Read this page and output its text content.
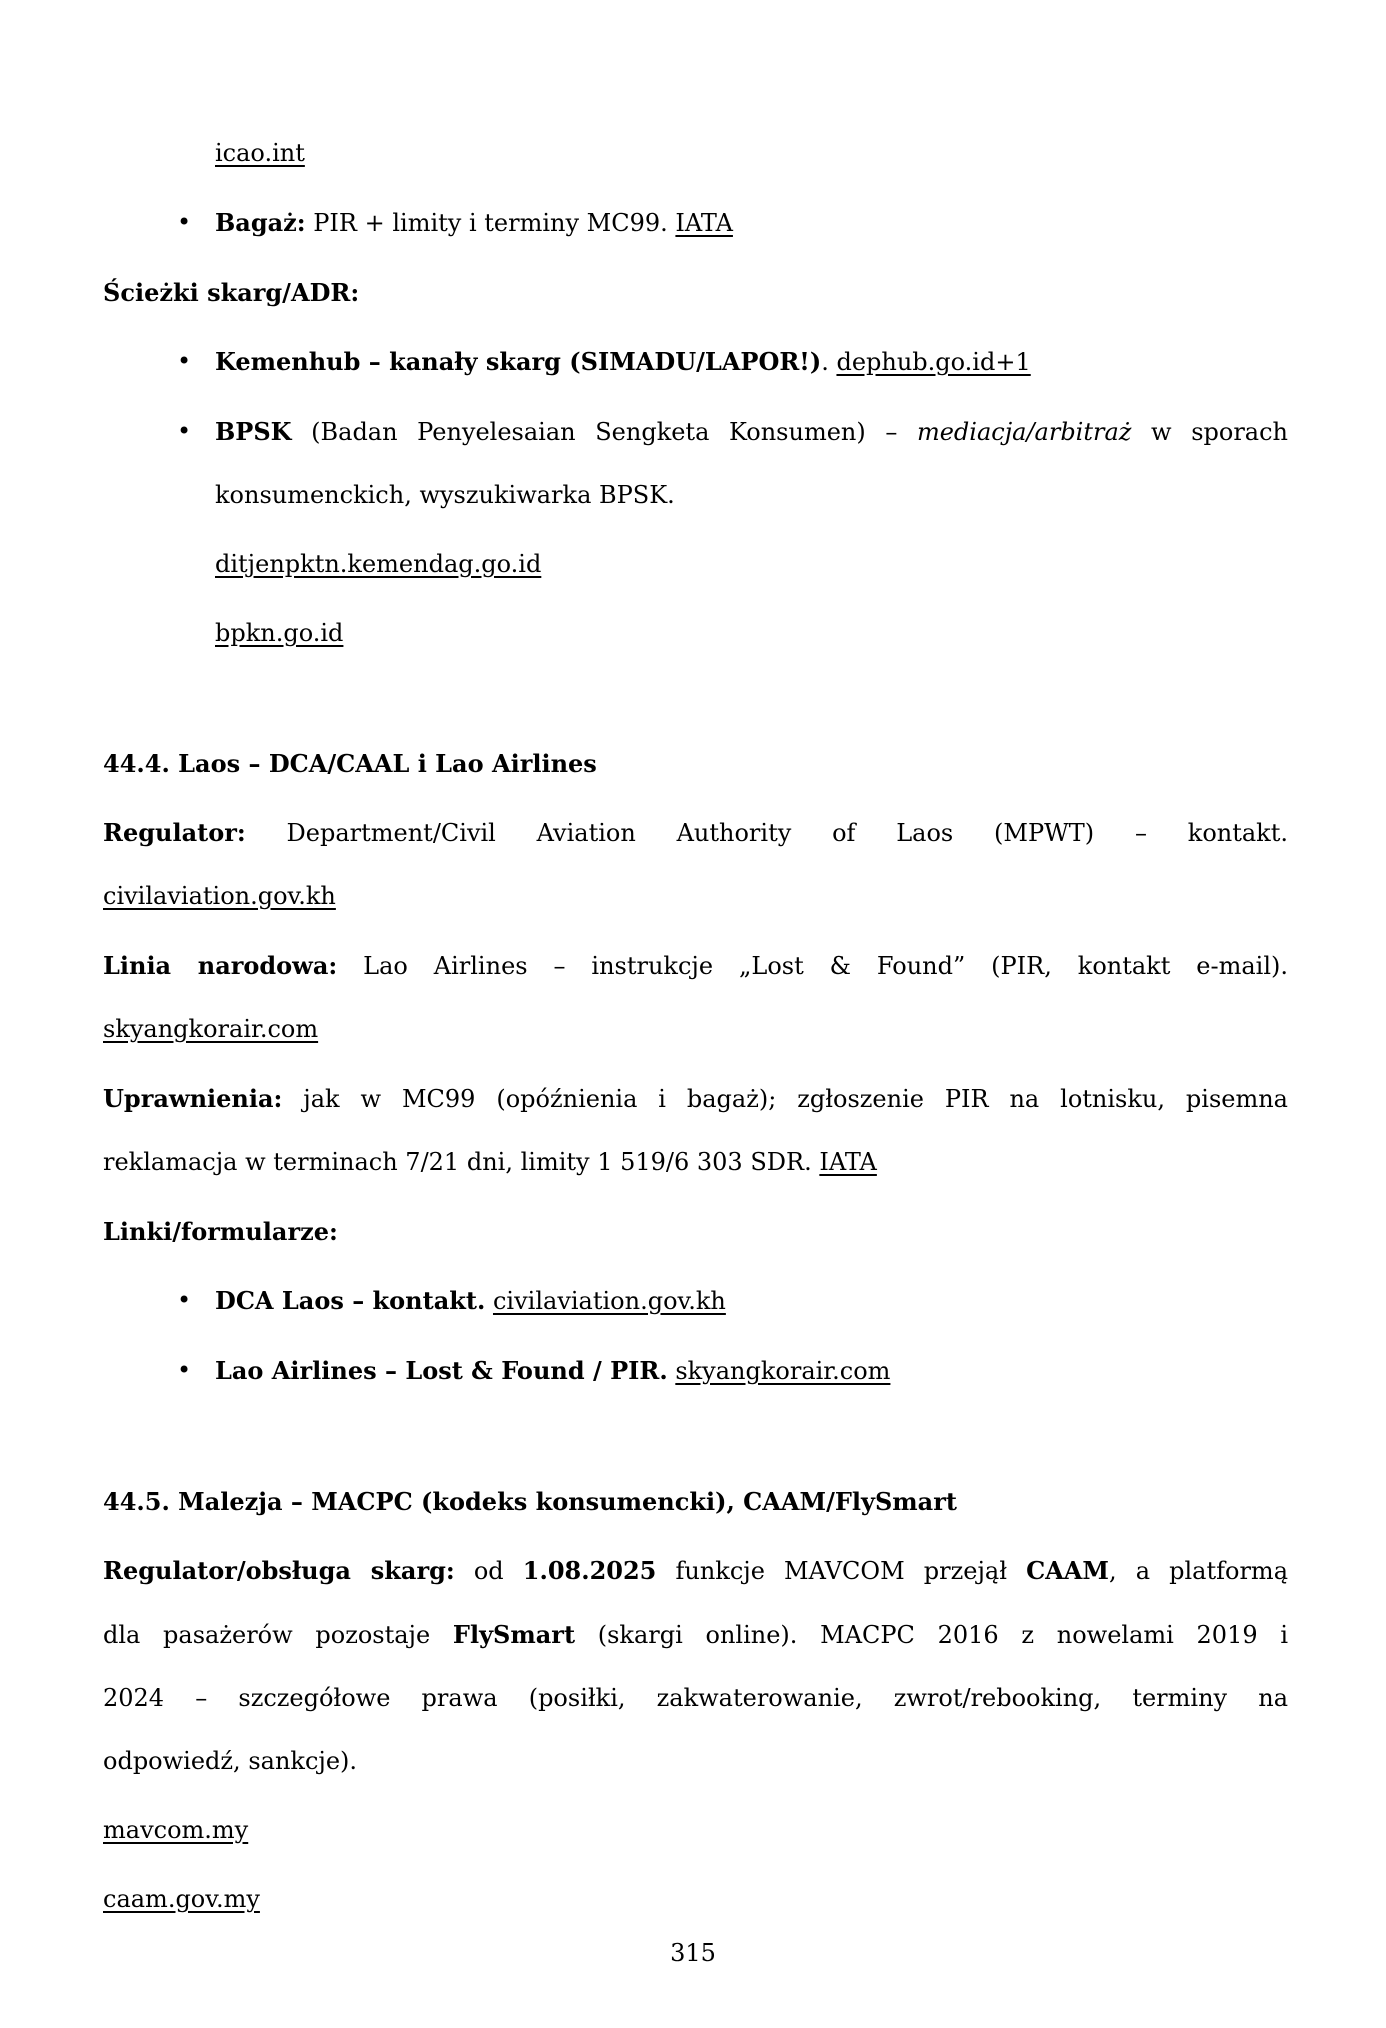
icao.int
• Bagaż: PIR + limity i terminy MC99. IATA
Ścieżki skarg/ADR:
• Kemenhub – kanały skarg (SIMADU/LAPOR!). dephub.go.id+1
• BPSK (Badan Penyelesaian Sengketa Konsumen) – mediacja/arbitraż w sporach
konsumenckich, wyszukiwarka BPSK.
ditjenpktn.kemendag.go.id
bpkn.go.id
44.4. Laos – DCA/CAAL i Lao Airlines
Regulator: Department/Civil Aviation Authority of Laos (MPWT) – kontakt.
civilaviation.gov.kh
Linia narodowa: Lao Airlines – instrukcje „Lost & Found” (PIR, kontakt e-mail).
skyangkorair.com
Uprawnienia: jak w MC99 (opóźnienia i bagaż); zgłoszenie PIR na lotnisku, pisemna
reklamacja w terminach 7/21 dni, limity 1 519/6 303 SDR. IATA
Linki/formularze:
• DCA Laos – kontakt. civilaviation.gov.kh
• Lao Airlines – Lost & Found / PIR. skyangkorair.com
44.5. Malezja – MACPC (kodeks konsumencki), CAAM/FlySmart
Regulator/obsługa skarg: od 1.08.2025 funkcje MAVCOM przejął CAAM, a platformą
dla pasażerów pozostaje FlySmart (skargi online). MACPC 2016 z nowelami 2019 i
2024 – szczegółowe prawa (posiłki, zakwaterowanie, zwrot/rebooking, terminy na
odpowiedź, sankcje).
mavcom.my
caam.gov.my
315
